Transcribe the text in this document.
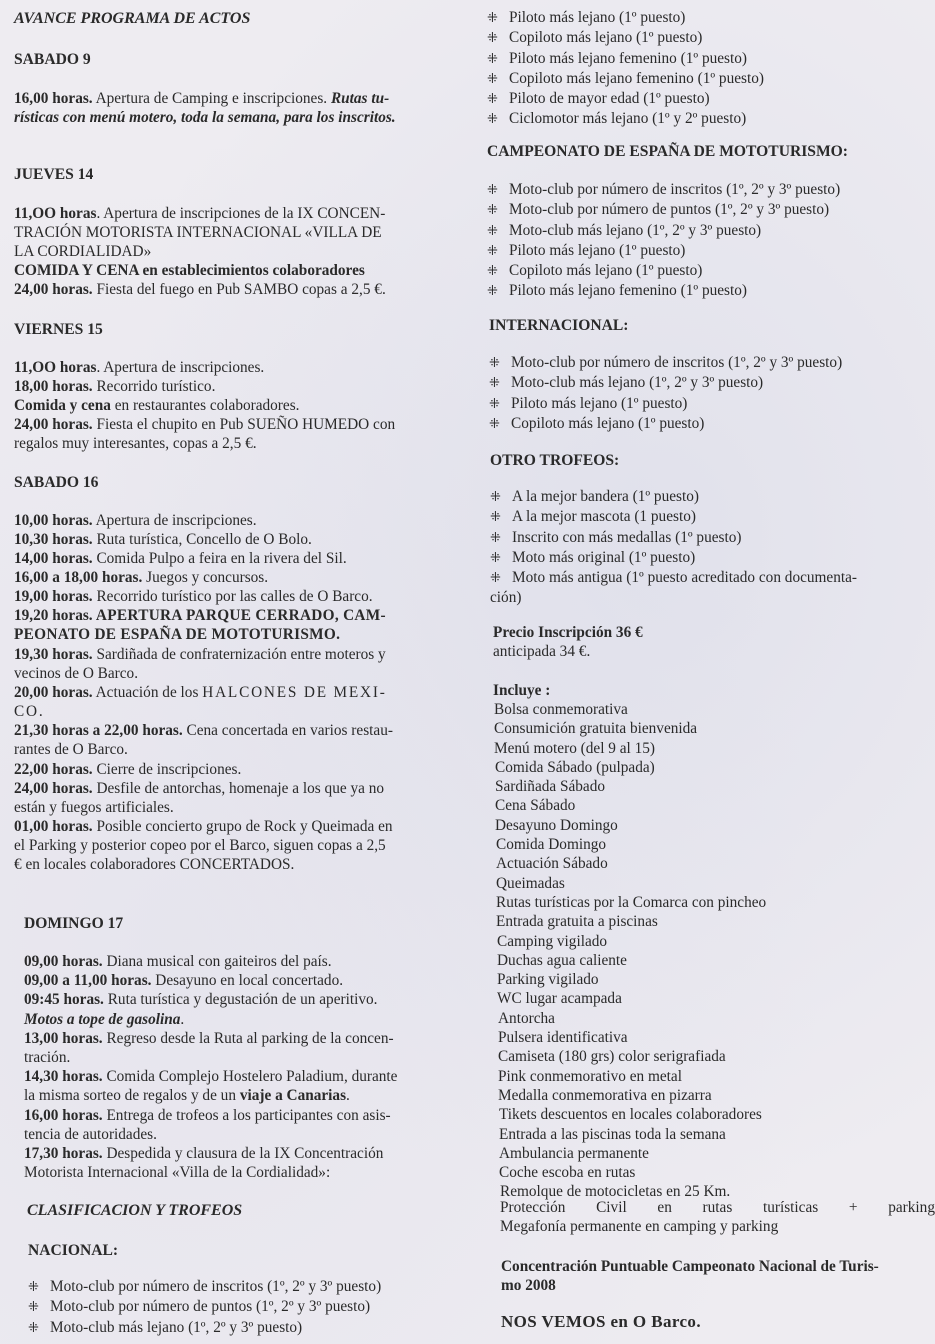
AVANCE PROGRAMA DE ACTOS
SABADO 9
16,00 horas. Apertura de Camping e inscripciones. Rutas tu-
rísticas con menú motero, toda la semana, para los inscritos.
JUEVES 14
11,OO horas. Apertura de inscripciones de la IX CONCEN-
TRACIÓN MOTORISTA INTERNACIONAL «VILLA DE
LA CORDIALIDAD»
COMIDA Y CENA en establecimientos colaboradores
24,00 horas. Fiesta del fuego en Pub SAMBO copas a 2,5 €.
VIERNES 15
11,OO horas. Apertura de inscripciones.
18,00 horas. Recorrido turístico.
Comida y cena en restaurantes colaboradores.
24,00 horas. Fiesta el chupito en Pub SUEÑO HUMEDO con
regalos muy interesantes, copas a 2,5 €.
SABADO 16
10,00 horas. Apertura de inscripciones.
10,30 horas. Ruta turística, Concello de O Bolo.
14,00 horas. Comida Pulpo a feira en la rivera del Sil.
16,00 a 18,00 horas. Juegos y concursos.
19,00 horas. Recorrido turístico por las calles de O Barco.
19,20 horas. APERTURA PARQUE CERRADO, CAM-
PEONATO DE ESPAÑA DE MOTOTURISMO.
19,30 horas. Sardiñada de confraternización entre moteros y
vecinos de O Barco.
20,00 horas. Actuación de los HALCONES DE MEXI-
CO.
21,30 horas a 22,00 horas. Cena concertada en varios restau-
rantes de O Barco.
22,00 horas. Cierre de inscripciones.
24,00 horas. Desfile de antorchas, homenaje a los que ya no
están y fuegos artificiales.
01,00 horas. Posible concierto grupo de Rock y Queimada en
el Parking y posterior copeo por el Barco, siguen copas a 2,5
€ en locales colaboradores CONCERTADOS.
DOMINGO 17
09,00 horas. Diana musical con gaiteiros del país.
09,00 a 11,00 horas. Desayuno en local concertado.
09:45 horas. Ruta turística y degustación de un aperitivo.
Motos a tope de gasolina.
13,00 horas. Regreso desde la Ruta al parking de la concen-
tración.
14,30 horas. Comida Complejo Hostelero Paladium, durante
la misma sorteo de regalos y de un viaje a Canarias.
16,00 horas. Entrega de trofeos a los participantes con asis-
tencia de autoridades.
17,30 horas. Despedida y clausura de la IX Concentración
Motorista Internacional «Villa de la Cordialidad»:
CLASIFICACION Y TROFEOS
NACIONAL:
⁜ Moto-club por número de inscritos (1º, 2º y 3º puesto)
⁜ Moto-club por número de puntos (1º, 2º y 3º puesto)
⁜ Moto-club más lejano (1º, 2º y 3º puesto)
⁜ Piloto más lejano (1º puesto)
⁜ Copiloto más lejano (1º puesto)
⁜ Piloto más lejano femenino (1º puesto)
⁜ Copiloto más lejano femenino (1º puesto)
⁜ Piloto de mayor edad (1º puesto)
⁜ Ciclomotor más lejano (1º y 2º puesto)
CAMPEONATO DE ESPAÑA DE MOTOTURISMO:
⁜ Moto-club por número de inscritos (1º, 2º y 3º puesto)
⁜ Moto-club por número de puntos (1º, 2º y 3º puesto)
⁜ Moto-club más lejano (1º, 2º y 3º puesto)
⁜ Piloto más lejano (1º puesto)
⁜ Copiloto más lejano (1º puesto)
⁜ Piloto más lejano femenino (1º puesto)
INTERNACIONAL:
⁜ Moto-club por número de inscritos (1º, 2º y 3º puesto)
⁜ Moto-club más lejano (1º, 2º y 3º puesto)
⁜ Piloto más lejano (1º puesto)
⁜ Copiloto más lejano (1º puesto)
OTRO TROFEOS:
⁜ A la mejor bandera (1º puesto)
⁜ A la mejor mascota (1 puesto)
⁜ Inscrito con más medallas (1º puesto)
⁜ Moto más original (1º puesto)
⁜ Moto más antigua (1º puesto acreditado con documenta-
ción)
Precio Inscripción 36 €
anticipada 34 €.
Incluye :
Bolsa conmemorativa
Consumición gratuita bienvenida
Menú motero (del 9 al 15)
Comida Sábado (pulpada)
Sardiñada Sábado
Cena Sábado
Desayuno Domingo
Comida Domingo
Actuación Sábado
Queimadas
Rutas turísticas por la Comarca con pincheo
Entrada gratuita a piscinas
Camping vigilado
Duchas agua caliente
Parking vigilado
WC lugar acampada
Antorcha
Pulsera identificativa
Camiseta (180 grs) color serigrafiada
Pink conmemorativo en metal
Medalla conmemorativa en pizarra
Tikets descuentos en locales colaboradores
Entrada a las piscinas toda la semana
Ambulancia permanente
Coche escoba en rutas
Remolque de motocicletas en 25 Km.
Protección Civil en rutas turísticas + parking
Megafonía permanente en camping y parking
Concentración Puntuable Campeonato Nacional de Turis-
mo 2008
NOS VEMOS en O Barco.
